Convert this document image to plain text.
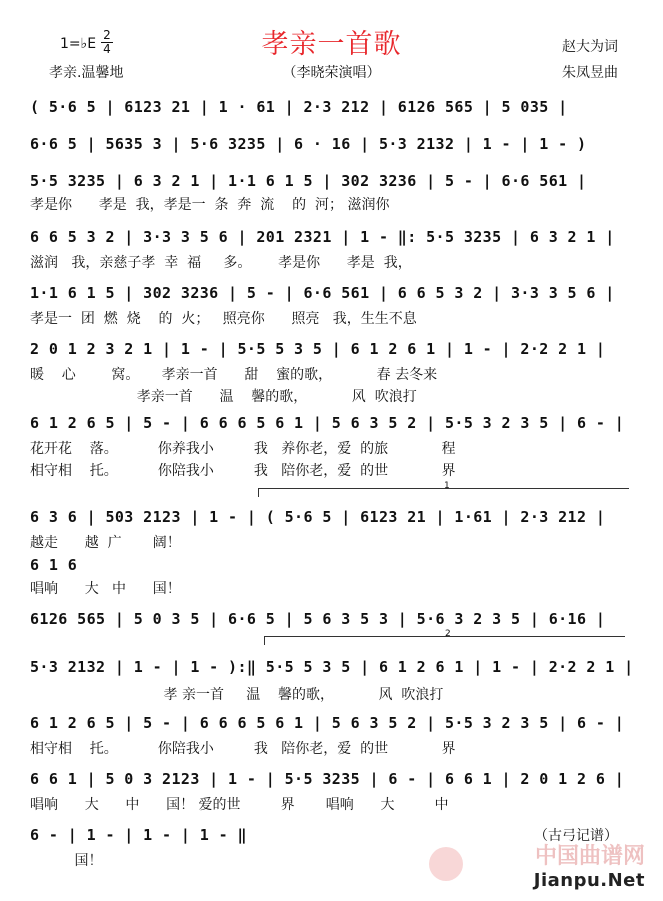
1=♭E
2
4	孝亲一首歌
孝亲.温馨地	（李晓荣演唱）
赵大为词
朱凤昱曲
( 5·6 5 | 6123 21 | 1 · 61 | 2·3 212 | 6126 565 | 5 035 |
6·6 5 | 5635 3 | 5·6 3235 | 6 · 16 | 5·3 2132 | 1 - | 1 - )
5·5 3235 | 6 3 2 1 | 1·1 6 1 5 | 302 3236 | 5 - | 6·6 561 |
孝是你      孝是  我，孝是一  条  奔  流    的  河； 滋润你
6 6 5 3 2 | 3·3 3 5 6 | 201 2321 | 1 - ‖: 5·5 3235 | 6 3 2 1 |
滋润   我，亲慈子孝  幸  福     多。      孝是你      孝是  我，
1·1 6 1 5 | 302 3236 | 5 - | 6·6 561 | 6 6 5 3 2 | 3·3 3 5 6 |
孝是一  团  燃  烧    的  火；   照亮你      照亮   我，生生不息
2 0 1 2 3 2 1 | 1 - | 5·5 5 3 5 | 6 1 2 6 1 | 1 - | 2·2 2 1 |
暖    心        窝。     孝亲一首      甜    蜜的歌，          春 去冬来
孝亲一首      温    馨的歌，          风  吹浪打
6 1 2 6 5 | 5 - | 6 6 6 5 6 1 | 5 6 3 5 2 | 5·5 3 2 3 5 | 6 - |
花开花    落。         你养我小         我   养你老，爱  的旅            程
相守相    托。         你陪我小         我   陪你老，爱  的世            界
1
6 3 6 | 503 2123 | 1 - | ( 5·6 5 | 6123 21 | 1·61 | 2·3 212 |
越走      越  广       阔！
6 1 6
唱响      大   中      国！
6126 565 | 5 0 3 5 | 6·6 5 | 5 6 3 5 3 | 5·6 3 2 3 5 | 6·16 |
2
5·3 2132 | 1 - | 1 - ):‖ 5·5 5 3 5 | 6 1 2 6 1 | 1 - | 2·2 2 1 |
孝 亲一首     温    馨的歌，          风  吹浪打
6 1 2 6 5 | 5 - | 6 6 6 5 6 1 | 5 6 3 5 2 | 5·5 3 2 3 5 | 6 - |
相守相    托。         你陪我小         我   陪你老，爱  的世            界
6 6 1 | 5 0 3 2123 | 1 - | 5·5 3235 | 6 - | 6 6 1 | 2 0 1 2 6 |
唱响      大      中      国！ 爱的世         界       唱响      大         中
6 - | 1 - | 1 - | 1 - ‖
国！
（古弓记谱）
中国曲谱网
Jianpu.Net
